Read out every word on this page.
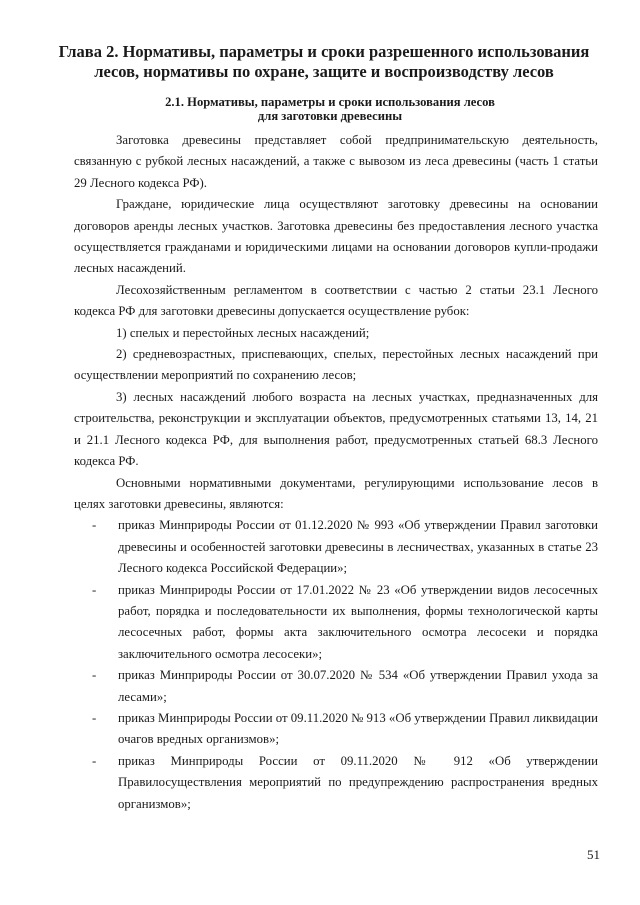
Глава 2. Нормативы, параметры и сроки разрешенного использования
лесов, нормативы по охране, защите и воспроизводству лесов
2.1. Нормативы, параметры и сроки использования лесов
для заготовки древесины

Заготовка древесины представляет собой предпринимательскую деятельность, связанную с рубкой лесных насаждений, а также с вывозом из леса древесины (часть 1 статьи 29 Лесного кодекса РФ).

Граждане, юридические лица осуществляют заготовку древесины на основании договоров аренды лесных участков. Заготовка древесины без предоставления лесного участка осуществляется гражданами и юридическими лицами на основании договоров купли-продажи лесных насаждений.

Лесохозяйственным регламентом в соответствии с частью 2 статьи 23.1 Лесного кодекса РФ для заготовки древесины допускается осуществление рубок:

1) спелых и перестойных лесных насаждений;

2) средневозрастных, приспевающих, спелых, перестойных лесных насаждений при осуществлении мероприятий по сохранению лесов;

3) лесных насаждений любого возраста на лесных участках, предназначенных для строительства, реконструкции и эксплуатации объектов, предусмотренных статьями 13, 14, 21 и 21.1 Лесного кодекса РФ, для выполнения работ, предусмотренных статьей 68.3 Лесного кодекса РФ.

Основными нормативными документами, регулирующими использование лесов в целях заготовки древесины, являются:

- приказ Минприроды России от 01.12.2020 № 993 «Об утверждении Правил заготовки древесины и особенностей заготовки древесины в лесничествах, указанных в статье 23 Лесного кодекса Российской Федерации»;
- приказ Минприроды России от 17.01.2022 № 23 «Об утверждении видов лесосечных работ, порядка и последовательности их выполнения, формы технологической карты лесосечных работ, формы акта заключительного осмотра лесосеки и порядка заключительного осмотра лесосеки»;
- приказ Минприроды России от 30.07.2020 № 534 «Об утверждении Правил ухода за лесами»;
- приказ Минприроды России от 09.11.2020 № 913 «Об утверждении Правил ликвидации очагов вредных организмов»;
- приказ Минприроды России от 09.11.2020 № 912 «Об утверждении Правилосуществления мероприятий по предупреждению распространения вредных организмов»;
51
